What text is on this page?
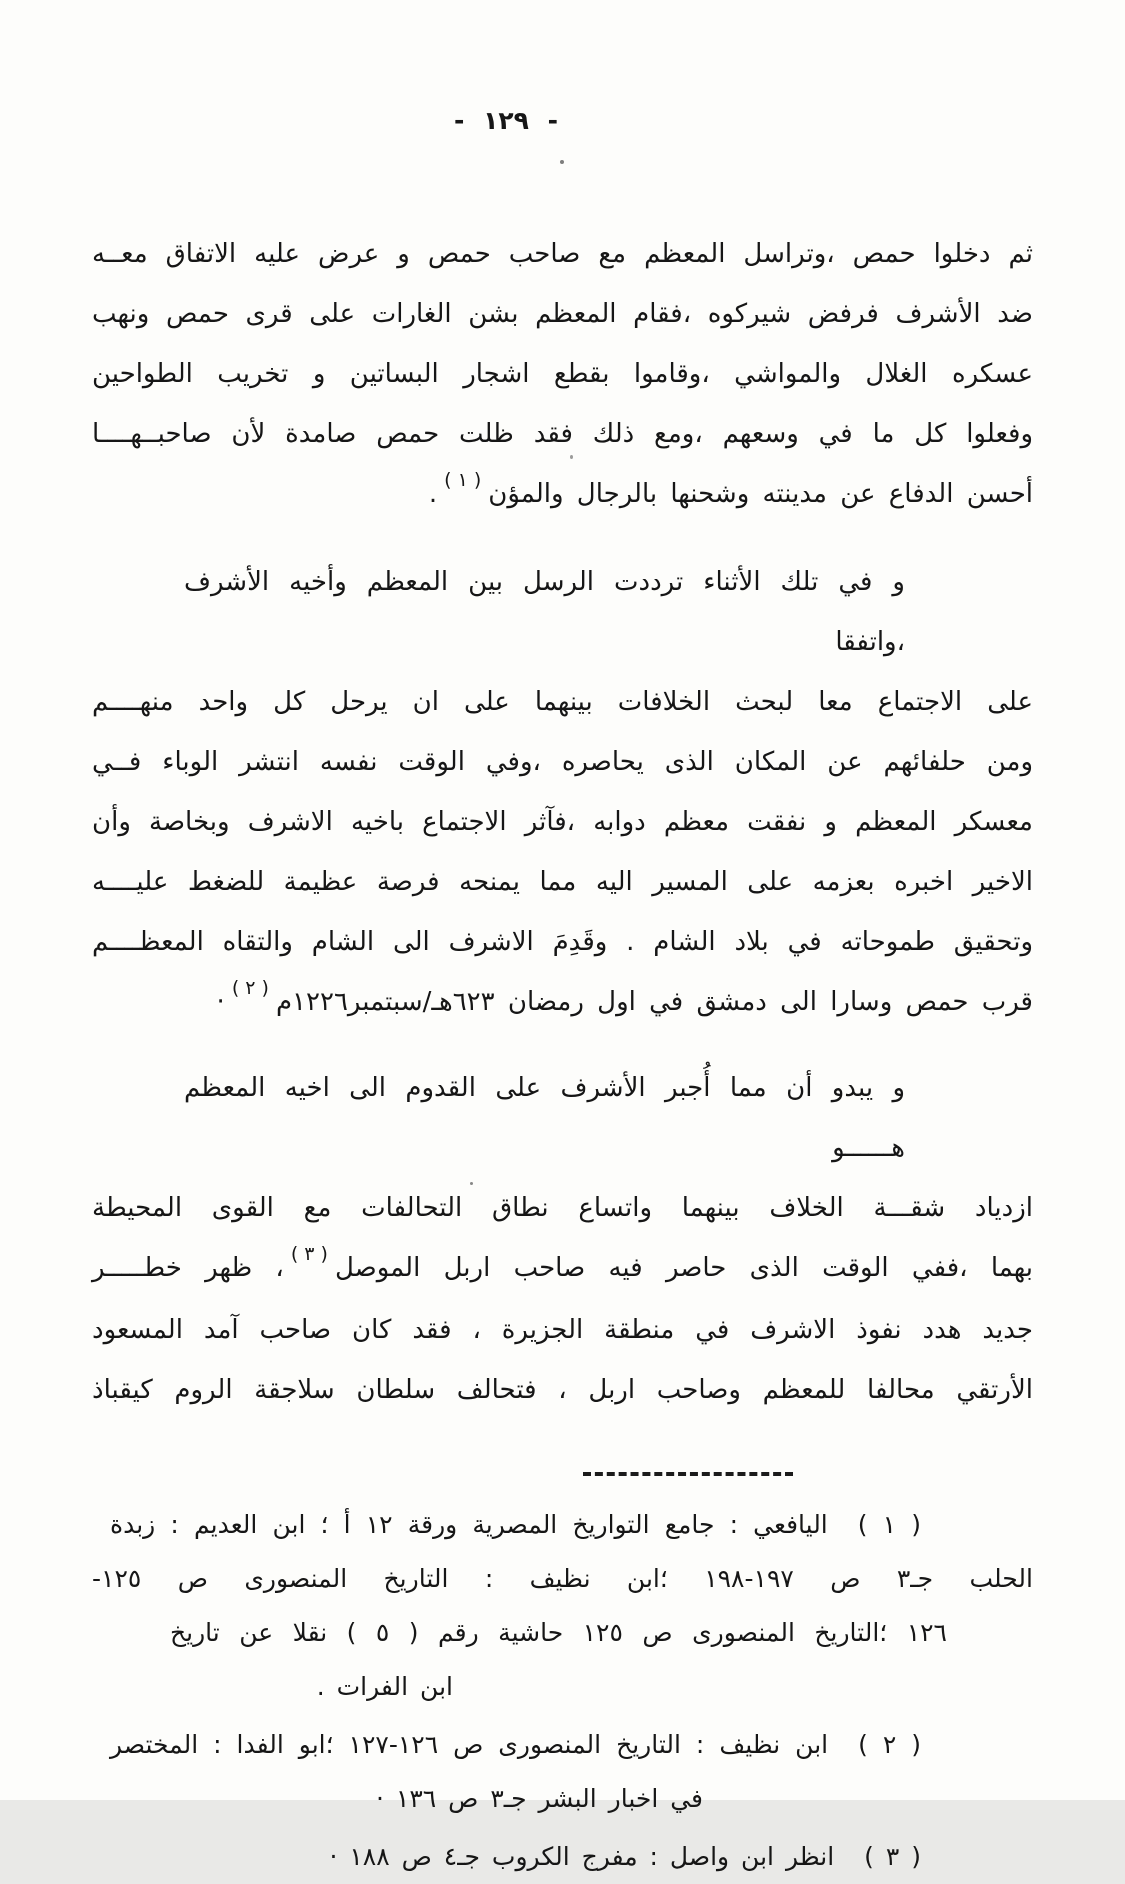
- ١٢٩ -
ثم دخلوا حمص ،وتراسل المعظم مع صاحب حمص و عرض عليه الاتفاق معــه
ضد الأشرف فرفض شيركوه ،فقام المعظم بشن الغارات على قرى حمص ونهب
عسكره الغلال والمواشي ،وقاموا بقطع اشجار البساتين و تخريب الطواحين
وفعلوا كل ما في وسعهم ،ومع ذلك فقد ظلت حمص صامدة لأن صاحبــهــــا
أحسن الدفاع عن مدينته وشحنها بالرجال والمؤن( ١ ).
و في تلك الأثناء ترددت الرسل بين المعظم وأخيه الأشرف ،واتفقا
على الاجتماع معا لبحث الخلافات بينهما على ان يرحل كل واحد منهــــم
ومن حلفائهم عن المكان الذى يحاصره ،وفي الوقت نفسه انتشر الوباء فــي
معسكر المعظم و نفقت معظم دوابه ،فآثر الاجتماع باخيه الاشرف وبخاصة وأن
الاخير اخبره بعزمه على المسير اليه مما يمنحه فرصة عظيمة للضغط عليــــه
وتحقيق طموحاته في بلاد الشام . وقَدِمَ الاشرف الى الشام والتقاه المعظــــم
قرب حمص وسارا الى دمشق في اول رمضان ٦٢٣هـ/سبتمبر١٢٢٦م( ٢ )·
و يبدو أن مما أُجبر الأشرف على القدوم الى اخيه المعظم هــــــو
ازدياد شقـــة الخلاف بينهما واتساع نطاق التحالفات مع القوى المحيطة
بهما ،ففي الوقت الذى حاصر فيه صاحب اربل الموصل( ٣ )، ظهر خطـــــر
جديد هدد نفوذ الاشرف في منطقة الجزيرة ، فقد كان صاحب آمد المسعود
الأرتقي محالفا للمعظم وصاحب اربل ، فتحالف سلطان سلاجقة الروم كيقباذ
( ١ )اليافعي : جامع التواريخ المصرية ورقة ١٢ أ ؛ ابن العديم : زبدة
الحلب جـ٣ ص ١٩٧-١٩٨ ؛ابن نظيف : التاريخ المنصورى ص ١٢٥-
١٢٦ ؛التاريخ المنصورى ص ١٢٥ حاشية رقم ( ٥ ) نقلا عن تاريخ
ابن الفرات .
( ٢ )ابن نظيف : التاريخ المنصورى ص ١٢٦-١٢٧ ؛ابو الفدا : المختصر
في اخبار البشر جـ٣ ص ١٣٦ ·
( ٣ )انظر ابن واصل : مفرج الكروب جـ٤ ص ١٨٨ ·
